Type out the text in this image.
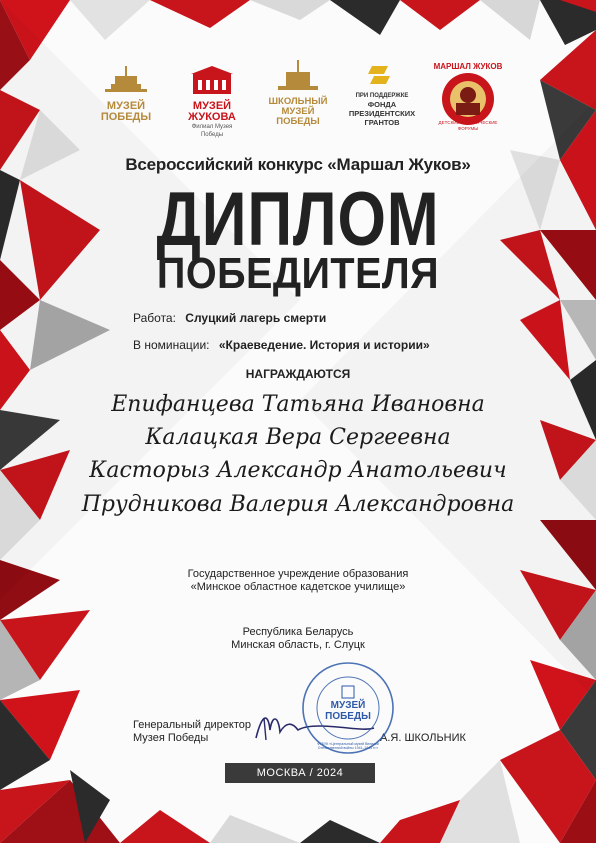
МУЗЕЙ
ПОБЕДЫ
МУЗЕЙ
ЖУКОВА
Филиал Музея Победы
ШКОЛЬНЫЙ
МУЗЕЙ
ПОБЕДЫ
ПРИ ПОДДЕРЖКЕ
ФОНДА
ПРЕЗИДЕНТСКИХ
ГРАНТОВ
МАРШАЛ ЖУКОВ
ДЕТСКИЕ ИСТОРИЧЕСКИЕ ФОРУМЫ
Всероссийский конкурс «Маршал Жуков»
ДИПЛОМ
ПОБЕДИТЕЛЯ
Работа: Слуцкий лагерь смерти
В номинации: «Краеведение. История и истории»
НАГРАЖДАЮТСЯ
Епифанцева Татьяна Ивановна
Калацкая Вера Сергеевна
Касторыз Александр Анатольевич
Прудникова Валерия Александровна
Государственное учреждение образования
«Минское областное кадетское училище»
Республика Беларусь
Минская область, г. Слуцк
Генеральный директор
Музея Победы	А.Я. ШКОЛЬНИК
МУЗЕЙ
ПОБЕДЫ
ФГБУК «Центральный музей Великой Отечественной войны 1941–1945 гг.»
МОСКВА / 2024
